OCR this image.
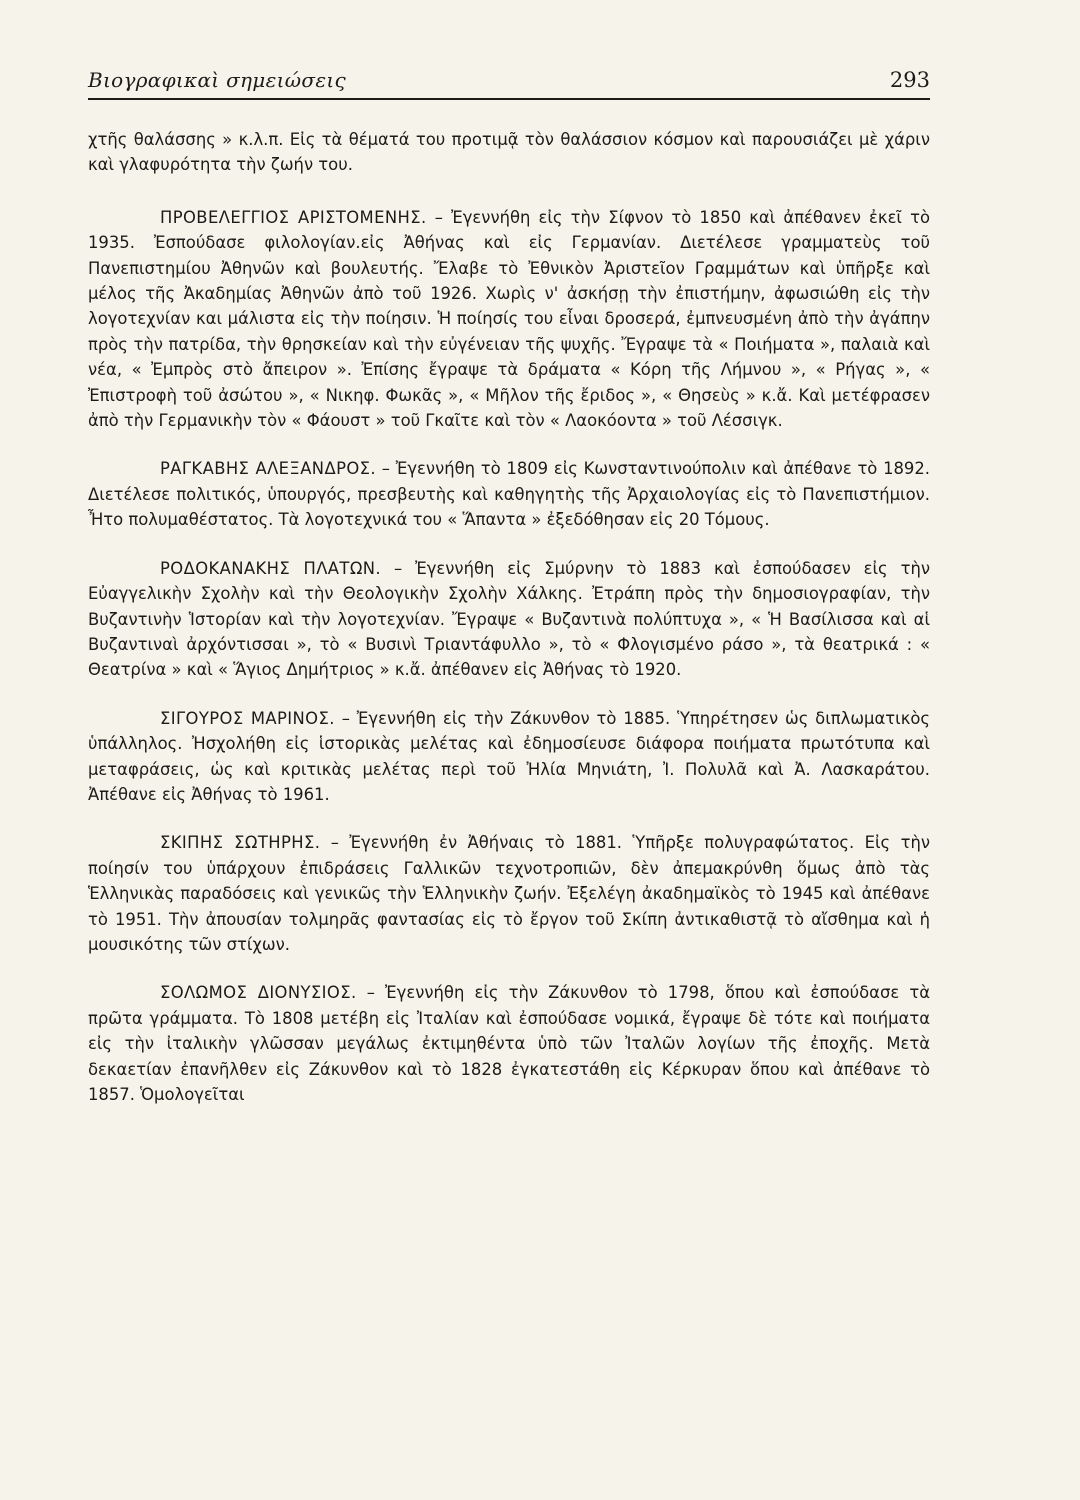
Βιογραφικαὶ σημειώσεις	293

χτῆς θαλάσσης » κ.λ.π. Εἰς τὰ θέματά του προτιμᾷ τὸν θαλάσσιον κόσμον καὶ παρουσιάζει μὲ χάριν καὶ γλαφυρότητα τὴν ζωήν του.

ΠΡΟΒΕΛΕΓΓΙΟΣ ΑΡΙΣΤΟΜΕΝΗΣ. – Ἐγεννήθη εἰς τὴν Σίφνον τὸ 1850 καὶ ἀπέθανεν ἐκεῖ τὸ 1935. Ἐσπούδασε φιλολογίαν.εἰς Ἀθήνας καὶ εἰς Γερμανίαν. Διετέλεσε γραμματεὺς τοῦ Πανεπιστημίου Ἀθηνῶν καὶ βουλευτής. Ἔλαβε τὸ Ἐθνικὸν Ἀριστεῖον Γραμμάτων καὶ ὑπῆρξε καὶ μέλος τῆς Ἀκαδημίας Ἀθηνῶν ἀπὸ τοῦ 1926. Χωρὶς ν' ἀσκήσῃ τὴν ἐπιστήμην, ἀφωσιώθη εἰς τὴν λογοτεχνίαν και μάλιστα εἰς τὴν ποίησιν. Ἡ ποίησίς του εἶναι δροσερά, ἐμπνευσμένη ἀπὸ τὴν ἀγάπην πρὸς τὴν πατρίδα, τὴν θρησκείαν καὶ τὴν εὐγένειαν τῆς ψυχῆς. Ἔγραψε τὰ « Ποιήματα », παλαιὰ καὶ νέα, « Ἐμπρὸς στὸ ἄπειρον ». Ἐπίσης ἔγραψε τὰ δράματα « Κόρη τῆς Λήμνου », « Ρήγας », « Ἐπιστροφὴ τοῦ ἀσώτου », « Νικηφ. Φωκᾶς », « Μῆλον τῆς ἔριδος », « Θησεὺς » κ.ἄ. Καὶ μετέφρασεν ἀπὸ τὴν Γερμανικὴν τὸν « Φάουστ » τοῦ Γκαῖτε καὶ τὸν « Λαοκόοντα » τοῦ Λέσσιγκ.

ΡΑΓΚΑΒΗΣ ΑΛΕΞΑΝΔΡΟΣ. – Ἐγεννήθη τὸ 1809 εἰς Κωνσταντινούπολιν καὶ ἀπέθανε τὸ 1892. Διετέλεσε πολιτικός, ὑπουργός, πρεσβευτὴς καὶ καθηγητὴς τῆς Ἀρχαιολογίας εἰς τὸ Πανεπιστήμιον. Ἦτο πολυμαθέστατος. Τὰ λογοτεχνικά του « Ἅπαντα » ἐξεδόθησαν εἰς 20 Τόμους.

ΡΟΔΟΚΑΝΑΚΗΣ ΠΛΑΤΩΝ. – Ἐγεννήθη εἰς Σμύρνην τὸ 1883 καὶ ἐσπούδασεν εἰς τὴν Εὐαγγελικὴν Σχολὴν καὶ τὴν Θεολογικὴν Σχολὴν Χάλκης. Ἐτράπη πρὸς τὴν δημοσιογραφίαν, τὴν Βυζαντινὴν Ἱστορίαν καὶ τὴν λογοτεχνίαν. Ἔγραψε « Βυζαντινὰ πολύπτυχα », « Ἡ Βασίλισσα καὶ αἱ Βυζαντιναὶ ἀρχόντισσαι », τὸ « Βυσινὶ Τριαντάφυλλο », τὸ « Φλογισμένο ράσο », τὰ θεατρικά : « Θεατρίνα » καὶ « Ἅγιος Δημήτριος » κ.ἄ. ἀπέθανεν εἰς Ἀθήνας τὸ 1920.

ΣΙΓΟΥΡΟΣ ΜΑΡΙΝΟΣ. – Ἐγεννήθη εἰς τὴν Ζάκυνθον τὸ 1885. Ὑπηρέτησεν ὡς διπλωματικὸς ὑπάλληλος. Ἠσχολήθη εἰς ἱστορικὰς μελέτας καὶ ἐδημοσίευσε διάφορα ποιήματα πρωτότυπα καὶ μεταφράσεις, ὡς καὶ κριτικὰς μελέτας περὶ τοῦ Ἠλία Μηνιάτη, Ἰ. Πολυλᾶ καὶ Ἀ. Λασκαράτου. Ἀπέθανε εἰς Ἀθήνας τὸ 1961.

ΣΚΙΠΗΣ ΣΩΤΗΡΗΣ. – Ἐγεννήθη ἐν Ἀθήναις τὸ 1881. Ὑπῆρξε πολυγραφώτατος. Εἰς τὴν ποίησίν του ὑπάρχουν ἐπιδράσεις Γαλλικῶν τεχνοτροπιῶν, δὲν ἀπεμακρύνθη ὅμως ἀπὸ τὰς Ἑλληνικὰς παραδόσεις καὶ γενικῶς τὴν Ἑλληνικὴν ζωήν. Ἐξελέγη ἀκαδημαϊκὸς τὸ 1945 καὶ ἀπέθανε τὸ 1951. Τὴν ἀπουσίαν τολμηρᾶς φαντασίας εἰς τὸ ἔργον τοῦ Σκίπη ἀντικαθιστᾷ τὸ αἴσθημα καὶ ἡ μουσικότης τῶν στίχων.

ΣΟΛΩΜΟΣ ΔΙΟΝΥΣΙΟΣ. – Ἐγεννήθη εἰς τὴν Ζάκυνθον τὸ 1798, ὅπου καὶ ἐσπούδασε τὰ πρῶτα γράμματα. Τὸ 1808 μετέβη εἰς Ἰταλίαν καὶ ἐσπούδασε νομικά, ἔγραψε δὲ τότε καὶ ποιήματα εἰς τὴν ἰταλικὴν γλῶσσαν μεγάλως ἐκτιμηθέντα ὑπὸ τῶν Ἰταλῶν λογίων τῆς ἐποχῆς. Μετὰ δεκαετίαν ἐπανῆλθεν εἰς Ζάκυνθον καὶ τὸ 1828 ἐγκατεστάθη εἰς Κέρκυραν ὅπου καὶ ἀπέθανε τὸ 1857. Ὁμολογεῖται
